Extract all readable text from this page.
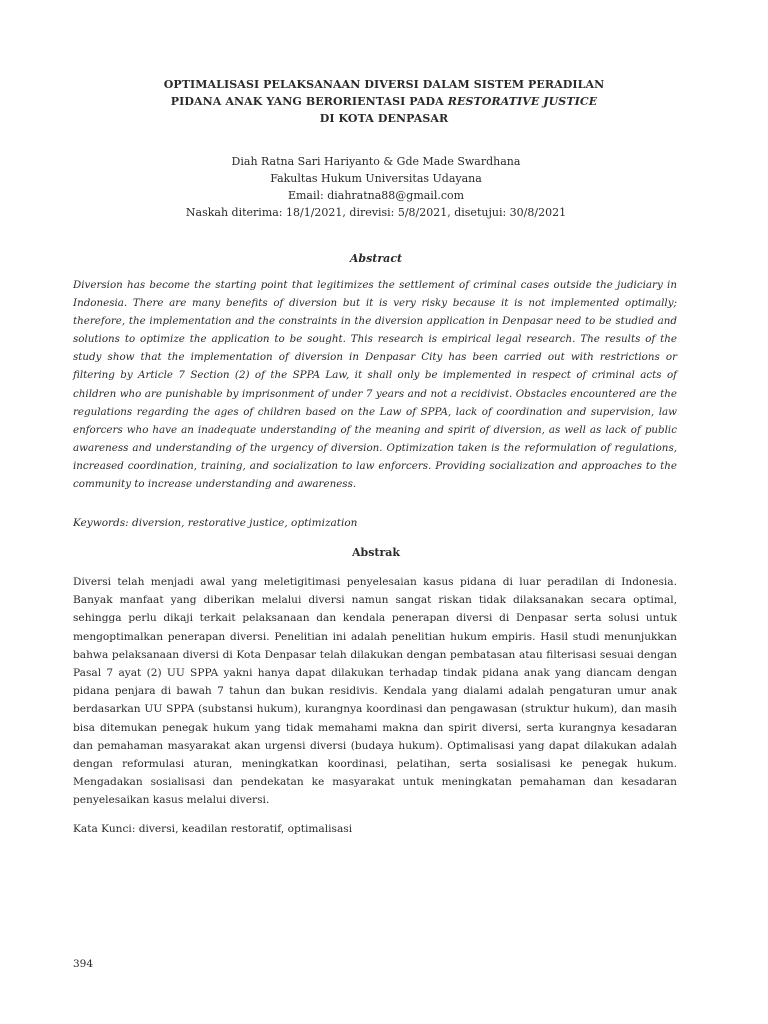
OPTIMALISASI PELAKSANAAN DIVERSI DALAM SISTEM PERADILAN
PIDANA ANAK YANG BERORIENTASI PADA RESTORATIVE JUSTICE
DI KOTA DENPASAR
Diah Ratna Sari Hariyanto & Gde Made Swardhana
Fakultas Hukum Universitas Udayana
Email: diahratna88@gmail.com
Naskah diterima: 18/1/2021, direvisi: 5/8/2021, disetujui: 30/8/2021
Abstract
Diversion has become the starting point that legitimizes the settlement of criminal cases outside the judiciary in Indonesia. There are many benefits of diversion but it is very risky because it is not implemented optimally; therefore, the implementation and the constraints in the diversion application in Denpasar need to be studied and solutions to optimize the application to be sought. This research is empirical legal research. The results of the study show that the implementation of diversion in Denpasar City has been carried out with restrictions or filtering by Article 7 Section (2) of the SPPA Law, it shall only be implemented in respect of criminal acts of children who are punishable by imprisonment of under 7 years and not a recidivist. Obstacles encountered are the regulations regarding the ages of children based on the Law of SPPA, lack of coordination and supervision, law enforcers who have an inadequate understanding of the meaning and spirit of diversion, as well as lack of public awareness and understanding of the urgency of diversion. Optimization taken is the reformulation of regulations, increased coordination, training, and socialization to law enforcers. Providing socialization and approaches to the community to increase understanding and awareness.
Keywords: diversion, restorative justice, optimization
Abstrak
Diversi telah menjadi awal yang meletigitimasi penyelesaian kasus pidana di luar peradilan di Indonesia. Banyak manfaat yang diberikan melalui diversi namun sangat riskan tidak dilaksanakan secara optimal, sehingga perlu dikaji terkait pelaksanaan dan kendala penerapan diversi di Denpasar serta solusi untuk mengoptimalkan penerapan diversi. Penelitian ini adalah penelitian hukum empiris. Hasil studi menunjukkan bahwa pelaksanaan diversi di Kota Denpasar telah dilakukan dengan pembatasan atau filterisasi sesuai dengan Pasal 7 ayat (2) UU SPPA yakni hanya dapat dilakukan terhadap tindak pidana anak yang diancam dengan pidana penjara di bawah 7 tahun dan bukan residivis. Kendala yang dialami adalah pengaturan umur anak berdasarkan UU SPPA (substansi hukum), kurangnya koordinasi dan pengawasan (struktur hukum), dan masih bisa ditemukan penegak hukum yang tidak memahami makna dan spirit diversi, serta kurangnya kesadaran dan pemahaman masyarakat akan urgensi diversi (budaya hukum). Optimalisasi yang dapat dilakukan adalah dengan reformulasi aturan, meningkatkan koordinasi, pelatihan, serta sosialisasi ke penegak hukum. Mengadakan sosialisasi dan pendekatan ke masyarakat untuk meningkatan pemahaman dan kesadaran penyelesaikan kasus melalui diversi.
Kata Kunci: diversi, keadilan restoratif, optimalisasi
394
